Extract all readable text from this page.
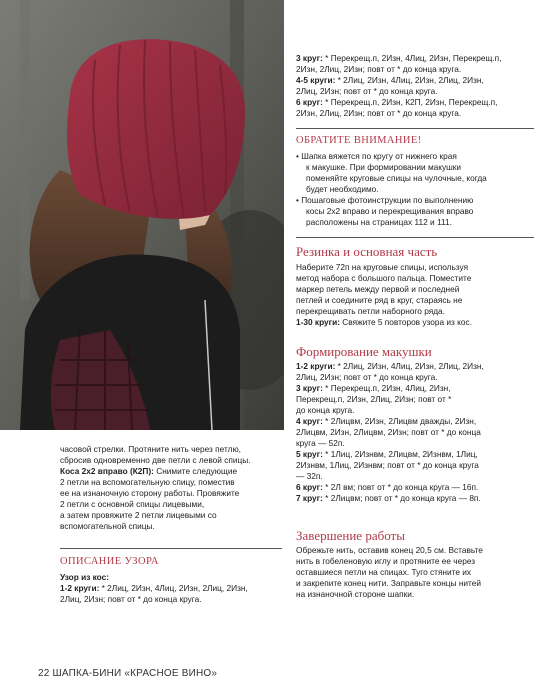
3 круг: * Перекрещ.п, 2Изн, 4Лиц, 2Изн, Перекрещ.п,

2Изн, 2Лиц, 2Изн; повт от * до конца круга.

4-5 круги: * 2Лиц, 2Изн, 4Лиц, 2Изн, 2Лиц, 2Изн,

2Лиц, 2Изн; повт от * до конца круга.

6 круг: * Перекрещ.п, 2Изн, К2П, 2Изн, Перекрещ.п,

2Изн, 2Лиц, 2Изн; повт от * до конца круга.

ОБРАТИТЕ ВНИМАНИЕ!

• Шапка вяжется по кругу от нижнего края

к макушке. При формировании макушки

поменяйте круговые спицы на чулочные, когда

будет необходимо.

• Пошаговые фотоинструкции по выполнению

косы 2х2 вправо и перекрещивания вправо

расположены на страницах 112 и 111.

Резинка и основная часть

Наберите 72п на круговые спицы, используя

метод набора с большого пальца. Поместите

маркер петель между первой и последней

петлей и соедините ряд в круг, стараясь не

перекрещивать петли наборного ряда.

1-30 круги: Свяжите 5 повторов узора из кос.

Формирование макушки

1-2 круги: * 2Лиц, 2Изн, 4Лиц, 2Изн, 2Лиц, 2Изн,

2Лиц, 2Изн; повт от * до конца круга.

3 круг: * Перекрещ.п, 2Изн, 4Лиц, 2Изн,

Перекрещ.п, 2Изн, 2Лиц, 2Изн; повт от *

до конца круга.

4 круг: * 2Лицвм, 2Изн, 2Лицвм дважды, 2Изн,

2Лицвм, 2Изн, 2Лицвм, 2Изн; повт от * до конца

круга — 52п.

5 круг: * 1Лиц, 2Изнвм, 2Лицвм, 2Изнвм, 1Лиц,

2Изнвм, 1Лиц, 2Изнвм; повт от * до конца круга

— 32п.

6 круг: * 2Л вм; повт от * до конца круга — 16п.

7 круг: * 2Лицвм; повт от * до конца круга — 8п.

Завершение работы

Обрежьте нить, оставив конец 20,5 см. Вставьте

нить в гобеленовую иглу и протяните ее через

оставшиеся петли на спицах. Туго стяните их

и закрепите конец нити. Заправьте концы нитей

на изнаночной стороне шапки.

часовой стрелки. Протяните нить через петлю,

сбросив одновременно две петли с левой спицы.

Коса 2х2 вправо (К2П): Снимите следующие

2 петли на вспомогательную спицу, поместив

ее на изнаночную сторону работы. Провяжите

2 петли с основной спицы лицевыми,

а затем провяжите 2 петли лицевыми со

вспомогательной спицы.

ОПИСАНИЕ УЗОРА

Узор из кос:

1-2 круги: * 2Лиц, 2Изн, 4Лиц, 2Изн, 2Лиц, 2Изн,

2Лиц, 2Изн; повт от * до конца круга.

22 ШАПКА-БИНИ «КРАСНОЕ ВИНО»
